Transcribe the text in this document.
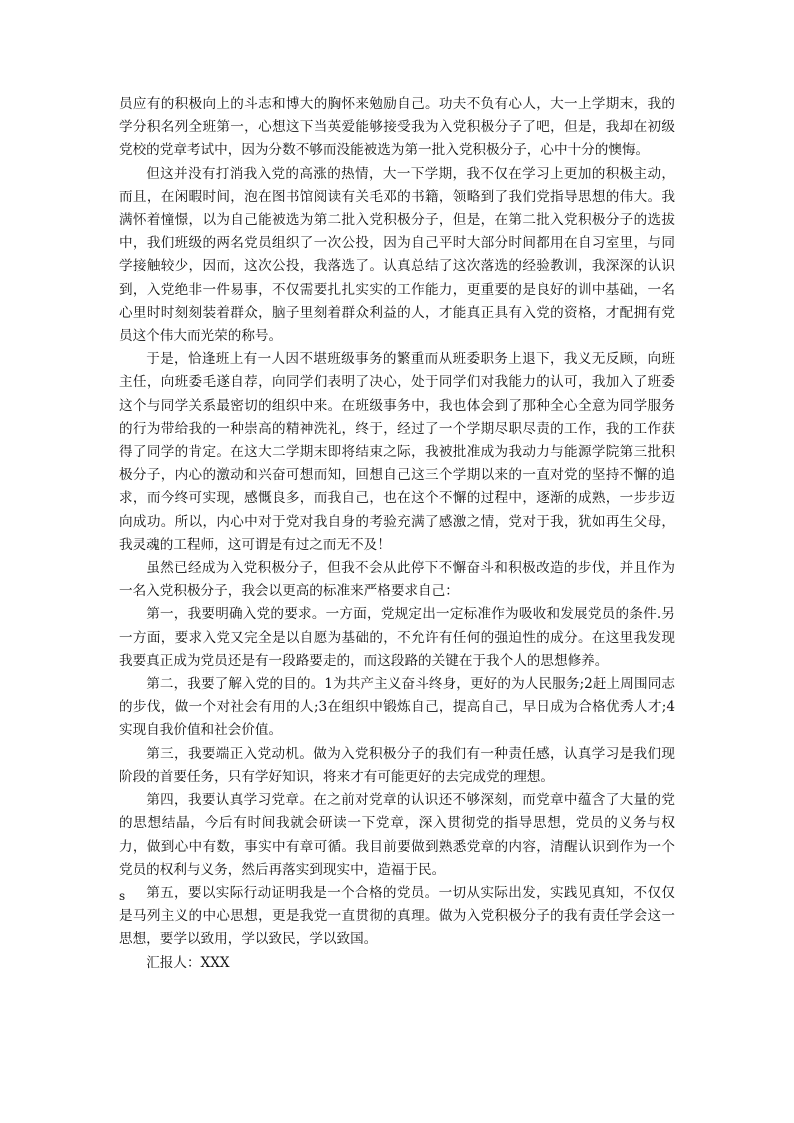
员应有的积极向上的斗志和博大的胸怀来勉励自己。功夫不负有心人，大一上学期末，我的学分积名列全班第一，心想这下当英爱能够接受我为入党积极分子了吧，但是，我却在初级党校的党章考试中，因为分数不够而没能被选为第一批入党积极分子，心中十分的懊悔。

但这并没有打消我入党的高涨的热情，大一下学期，我不仅在学习上更加的积极主动，而且，在闲暇时间，泡在图书馆阅读有关毛邓的书籍，领略到了我们党指导思想的伟大。我满怀着憧憬，以为自己能被选为第二批入党积极分子，但是，在第二批入党积极分子的选拔中，我们班级的两名党员组织了一次公投，因为自己平时大部分时间都用在自习室里，与同学接触较少，因而，这次公投，我落选了。认真总结了这次落选的经验教训，我深深的认识到，入党绝非一件易事，不仅需要扎扎实实的工作能力，更重要的是良好的训中基础，一名心里时时刻刻装着群众，脑子里刻着群众利益的人，才能真正具有入党的资格，才配拥有党员这个伟大而光荣的称号。

于是，恰逢班上有一人因不堪班级事务的繁重而从班委职务上退下，我义无反顾，向班主任，向班委毛遂自荐，向同学们表明了决心，处于同学们对我能力的认可，我加入了班委这个与同学关系最密切的组织中来。在班级事务中，我也体会到了那种全心全意为同学服务的行为带给我的一种崇高的精神洗礼，终于，经过了一个学期尽职尽责的工作，我的工作获得了同学的肯定。在这大二学期末即将结束之际，我被批准成为我动力与能源学院第三批积极分子，内心的激动和兴奋可想而知，回想自己这三个学期以来的一直对党的坚持不懈的追求，而今终可实现，感慨良多，而我自己，也在这个不懈的过程中，逐渐的成熟，一步步迈向成功。所以，内心中对于党对我自身的考验充满了感激之情，党对于我，犹如再生父母，我灵魂的工程师，这可谓是有过之而无不及！

虽然已经成为入党积极分子，但我不会从此停下不懈奋斗和积极改造的步伐，并且作为一名入党积极分子，我会以更高的标准来严格要求自己：

第一，我要明确入党的要求。一方面，党规定出一定标准作为吸收和发展党员的条件.另一方面，要求入党又完全是以自愿为基础的，不允许有任何的强迫性的成分。在这里我发现我要真正成为党员还是有一段路要走的，而这段路的关键在于我个人的思想修养。

第二，我要了解入党的目的。1为共产主义奋斗终身，更好的为人民服务;2赶上周围同志的步伐，做一个对社会有用的人;3在组织中锻炼自己，提高自己，早日成为合格优秀人才;4实现自我价值和社会价值。

第三，我要端正入党动机。做为入党积极分子的我们有一种责任感，认真学习是我们现阶段的首要任务，只有学好知识，将来才有可能更好的去完成党的理想。

第四，我要认真学习党章。在之前对党章的认识还不够深刻，而党章中蕴含了大量的党的思想结晶，今后有时间我就会研读一下党章，深入贯彻党的指导思想，党员的义务与权力，做到心中有数，事实中有章可循。我目前要做到熟悉党章的内容，清醒认识到作为一个党员的权利与义务，然后再落实到现实中，造福于民。

第五，要以实际行动证明我是一个合格的党员。一切从实际出发，实践见真知，不仅仅是马列主义的中心思想，更是我党一直贯彻的真理。做为入党积极分子的我有责任学会这一思想，要学以致用，学以致民，学以致国。

汇报人：XXX

s
